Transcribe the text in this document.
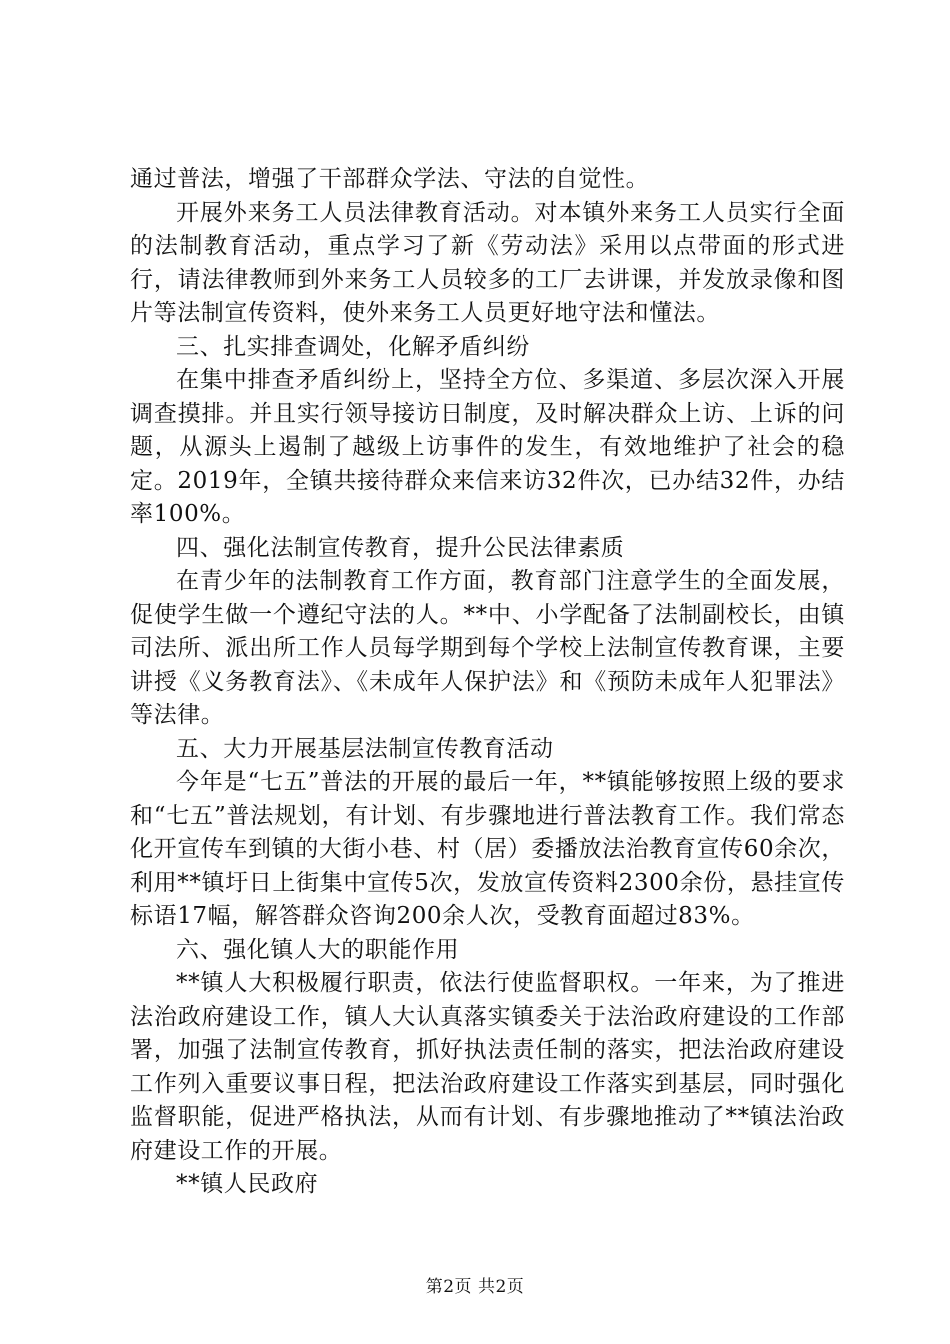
通过普法，增强了干部群众学法、守法的自觉性。

开展外来务工人员法律教育活动。对本镇外来务工人员实行全面的法制教育活动，重点学习了新《劳动法》采用以点带面的形式进行，请法律教师到外来务工人员较多的工厂去讲课，并发放录像和图片等法制宣传资料，使外来务工人员更好地守法和懂法。

三、扎实排查调处，化解矛盾纠纷

在集中排查矛盾纠纷上，坚持全方位、多渠道、多层次深入开展调查摸排。并且实行领导接访日制度，及时解决群众上访、上诉的问题，从源头上遏制了越级上访事件的发生，有效地维护了社会的稳定。2019年，全镇共接待群众来信来访32件次，已办结32件，办结率100%。

四、强化法制宣传教育，提升公民法律素质

在青少年的法制教育工作方面，教育部门注意学生的全面发展，促使学生做一个遵纪守法的人。**中、小学配备了法制副校长，由镇司法所、派出所工作人员每学期到每个学校上法制宣传教育课，主要讲授《义务教育法》、《未成年人保护法》和《预防未成年人犯罪法》等法律。

五、大力开展基层法制宣传教育活动

今年是“七五”普法的开展的最后一年，**镇能够按照上级的要求和“七五”普法规划，有计划、有步骤地进行普法教育工作。我们常态化开宣传车到镇的大街小巷、村（居）委播放法治教育宣传60余次，利用**镇圩日上街集中宣传5次，发放宣传资料2300余份，悬挂宣传标语17幅，解答群众咨询200余人次，受教育面超过83%。

六、强化镇人大的职能作用

**镇人大积极履行职责，依法行使监督职权。一年来，为了推进法治政府建设工作，镇人大认真落实镇委关于法治政府建设的工作部署，加强了法制宣传教育，抓好执法责任制的落实，把法治政府建设工作列入重要议事日程，把法治政府建设工作落实到基层，同时强化监督职能，促进严格执法，从而有计划、有步骤地推动了**镇法治政府建设工作的开展。

**镇人民政府

第2页 共2页
